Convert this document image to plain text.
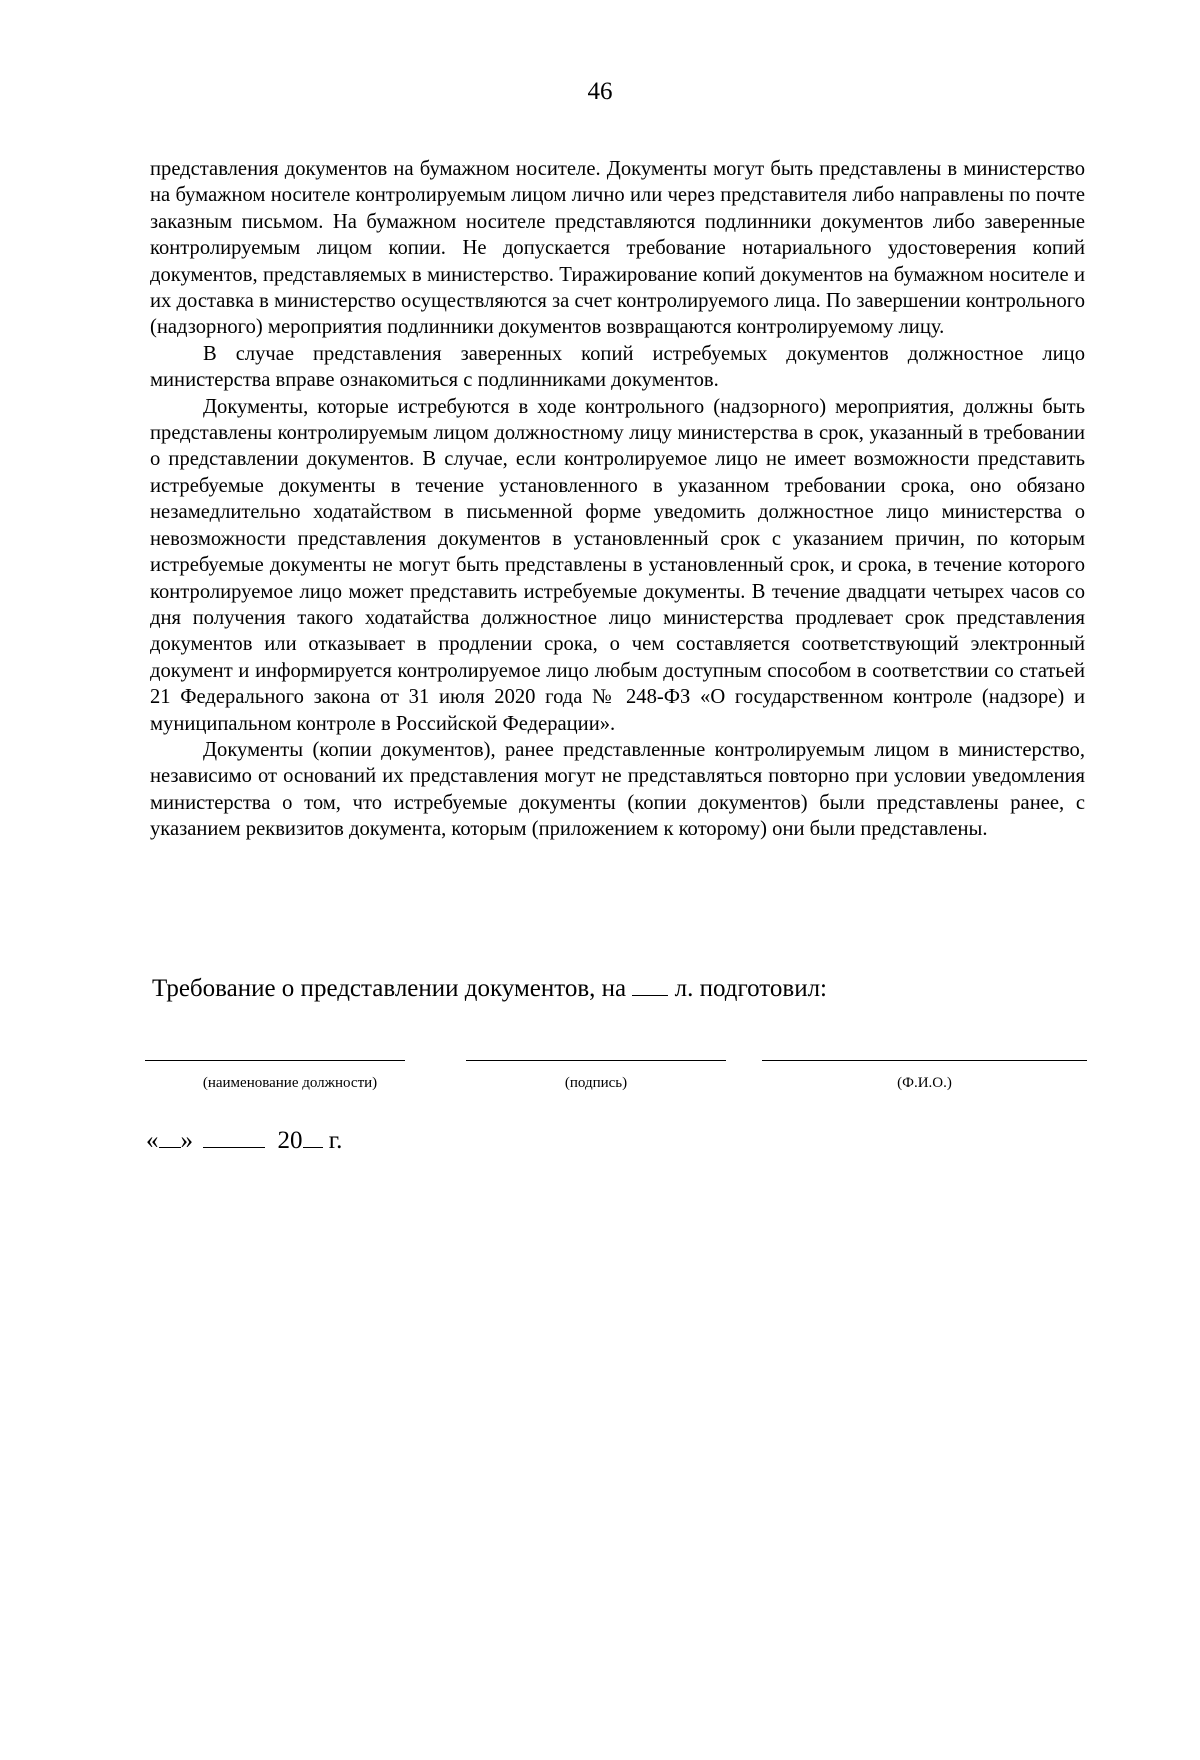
46

представления документов на бумажном носителе. Документы могут быть представлены в министерство на бумажном носителе контролируемым лицом лично или через представителя либо направлены по почте заказным письмом. На бумажном носителе представляются подлинники документов либо заверенные контролируемым лицом копии. Не допускается требование нотариального удостоверения копий документов, представляемых в министерство. Тиражирование копий документов на бумажном носителе и их доставка в министерство осуществляются за счет контролируемого лица. По завершении контрольного (надзорного) мероприятия подлинники документов возвращаются контролируемому лицу.

В случае представления заверенных копий истребуемых документов должностное лицо министерства вправе ознакомиться с подлинниками документов.

Документы, которые истребуются в ходе контрольного (надзорного) мероприятия, должны быть представлены контролируемым лицом должностному лицу министерства в срок, указанный в требовании о представлении документов. В случае, если контролируемое лицо не имеет возможности представить истребуемые документы в течение установленного в указанном требовании срока, оно обязано незамедлительно ходатайством в письменной форме уведомить должностное лицо министерства о невозможности представления документов в установленный срок с указанием причин, по которым истребуемые документы не могут быть представлены в установленный срок, и срока, в течение которого контролируемое лицо может представить истребуемые документы. В течение двадцати четырех часов со дня получения такого ходатайства должностное лицо министерства продлевает срок представления документов или отказывает в продлении срока, о чем составляется соответствующий электронный документ и информируется контролируемое лицо любым доступным способом в соответствии со статьей 21 Федерального закона от 31 июля 2020 года № 248-ФЗ «О государственном контроле (надзоре) и муниципальном контроле в Российской Федерации».

Документы (копии документов), ранее представленные контролируемым лицом в министерство, независимо от оснований их представления могут не представляться повторно при условии уведомления министерства о том, что истребуемые документы (копии документов) были представлены ранее, с указанием реквизитов документа, которым (приложением к которому) они были представлены.

Требование о представлении документов, на л. подготовил:
(наименование должности)	(подпись)	(Ф.И.О.)
« »	20 г.
